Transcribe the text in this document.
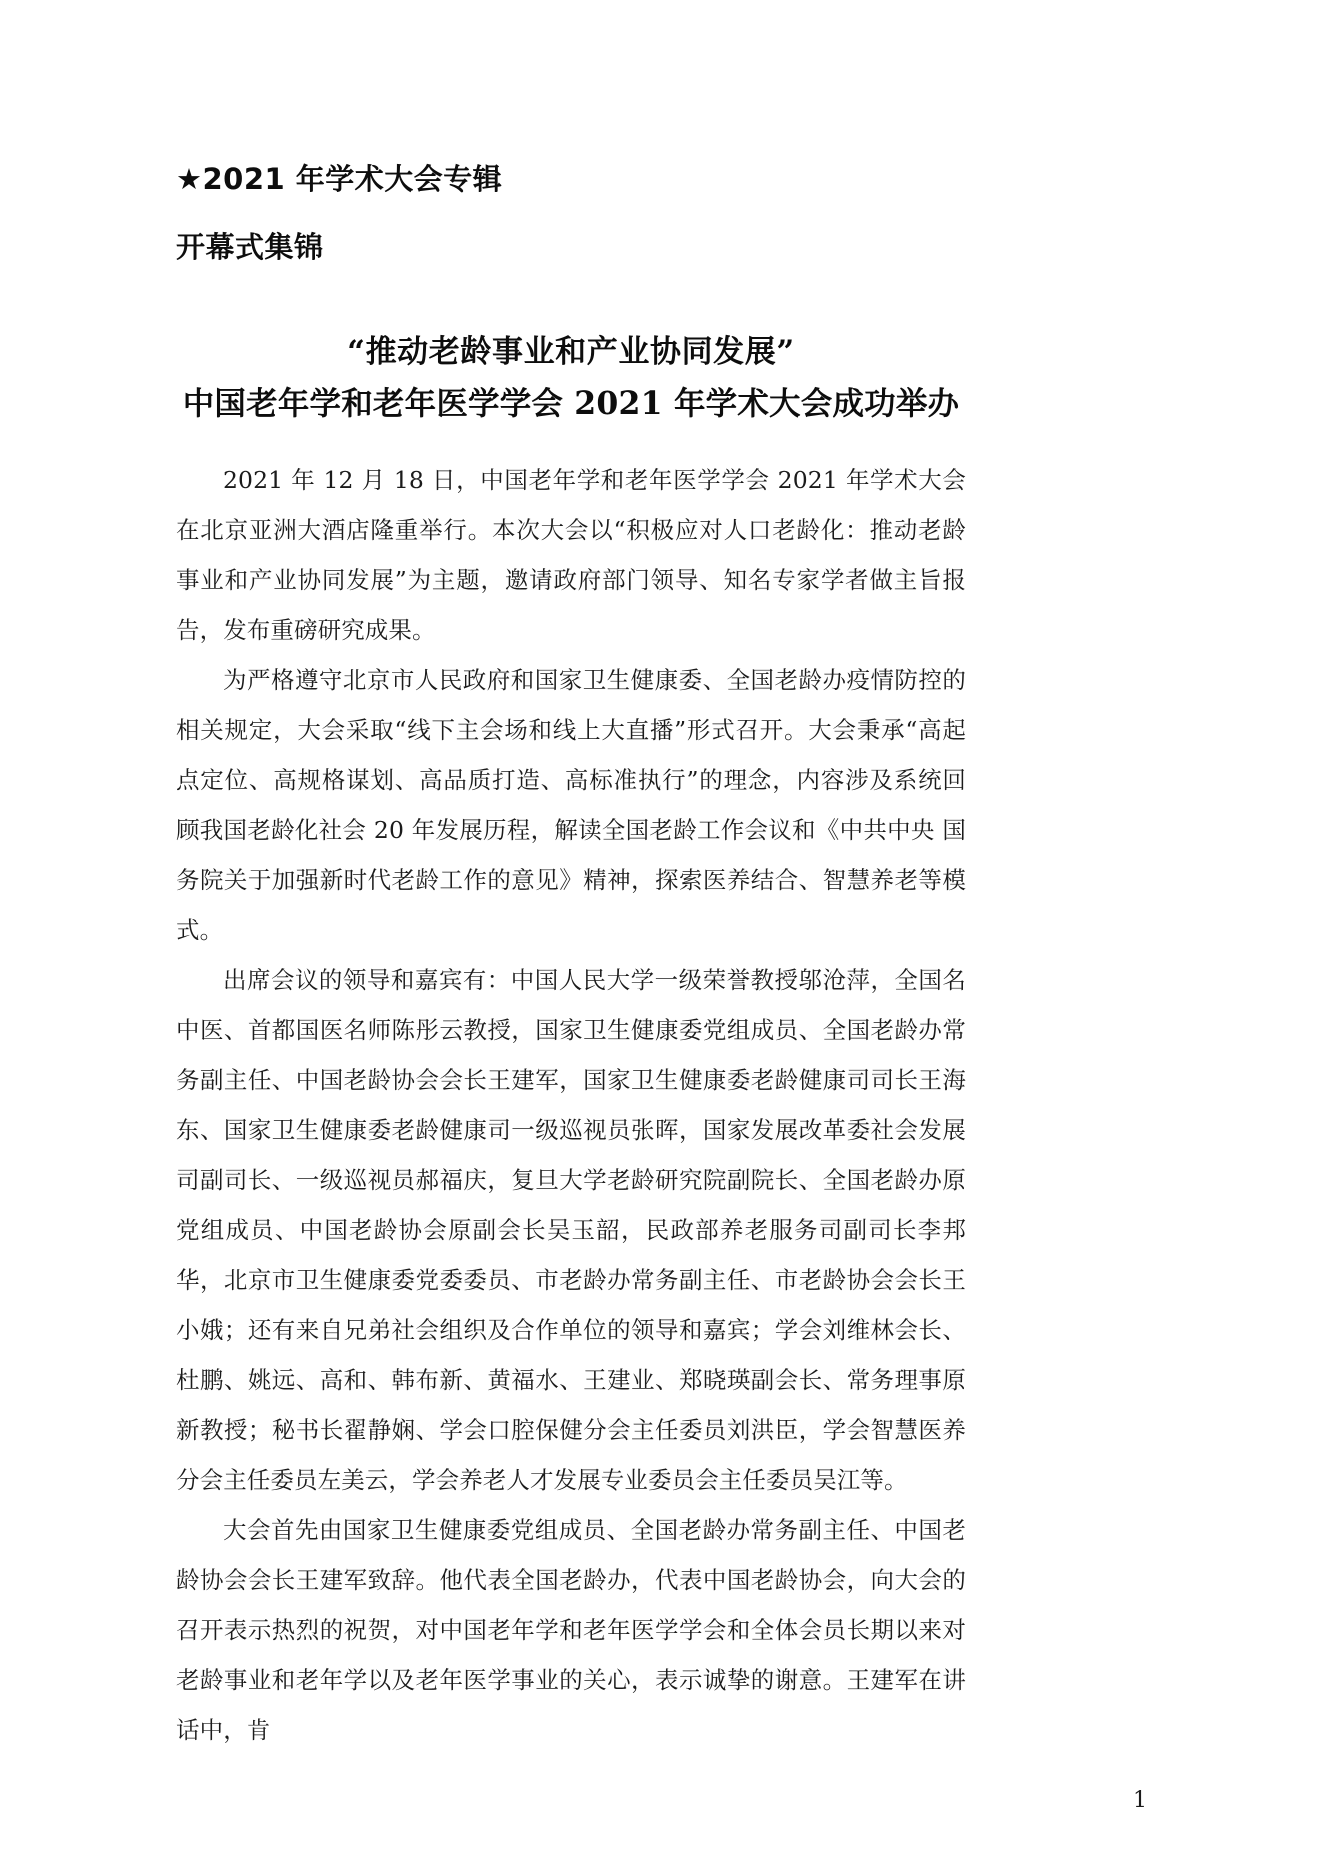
★2021 年学术大会专辑
开幕式集锦
“推动老龄事业和产业协同发展”
中国老年学和老年医学学会 2021 年学术大会成功举办

2021 年 12 月 18 日，中国老年学和老年医学学会 2021 年学术大会在北京亚洲大酒店隆重举行。本次大会以“积极应对人口老龄化：推动老龄事业和产业协同发展”为主题，邀请政府部门领导、知名专家学者做主旨报告，发布重磅研究成果。

为严格遵守北京市人民政府和国家卫生健康委、全国老龄办疫情防控的相关规定，大会采取“线下主会场和线上大直播”形式召开。大会秉承“高起点定位、高规格谋划、高品质打造、高标准执行”的理念，内容涉及系统回顾我国老龄化社会 20 年发展历程，解读全国老龄工作会议和《中共中央 国务院关于加强新时代老龄工作的意见》精神，探索医养结合、智慧养老等模式。

出席会议的领导和嘉宾有：中国人民大学一级荣誉教授邬沧萍，全国名中医、首都国医名师陈彤云教授，国家卫生健康委党组成员、全国老龄办常务副主任、中国老龄协会会长王建军，国家卫生健康委老龄健康司司长王海东、国家卫生健康委老龄健康司一级巡视员张晖，国家发展改革委社会发展司副司长、一级巡视员郝福庆，复旦大学老龄研究院副院长、全国老龄办原党组成员、中国老龄协会原副会长吴玉韶，民政部养老服务司副司长李邦华，北京市卫生健康委党委委员、市老龄办常务副主任、市老龄协会会长王小娥；还有来自兄弟社会组织及合作单位的领导和嘉宾；学会刘维林会长、杜鹏、姚远、高和、韩布新、黄福水、王建业、郑晓瑛副会长、常务理事原新教授；秘书长翟静娴、学会口腔保健分会主任委员刘洪臣，学会智慧医养分会主任委员左美云，学会养老人才发展专业委员会主任委员吴江等。

大会首先由国家卫生健康委党组成员、全国老龄办常务副主任、中国老龄协会会长王建军致辞。他代表全国老龄办，代表中国老龄协会，向大会的召开表示热烈的祝贺，对中国老年学和老年医学学会和全体会员长期以来对老龄事业和老年学以及老年医学事业的关心，表示诚挚的谢意。王建军在讲话中，肯

1
